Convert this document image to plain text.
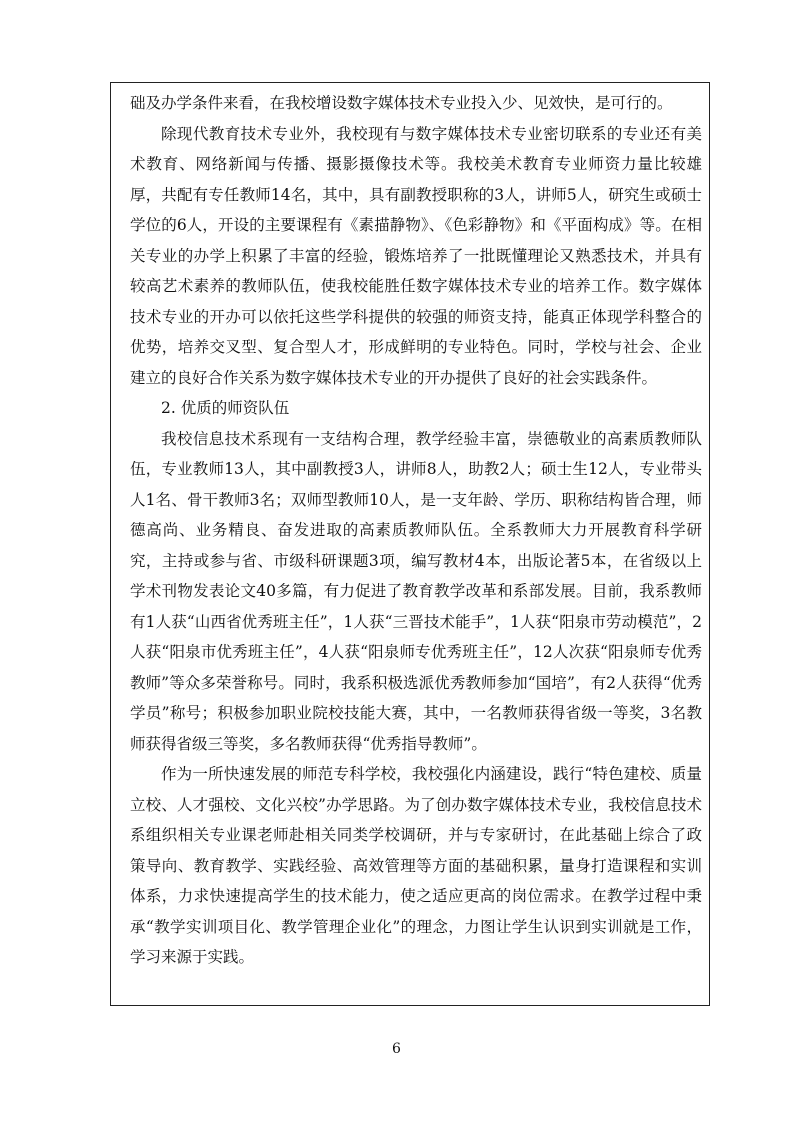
础及办学条件来看，在我校增设数字媒体技术专业投入少、见效快，是可行的。

除现代教育技术专业外，我校现有与数字媒体技术专业密切联系的专业还有美术教育、网络新闻与传播、摄影摄像技术等。我校美术教育专业师资力量比较雄厚，共配有专任教师14名，其中，具有副教授职称的3人，讲师5人，研究生或硕士学位的6人，开设的主要课程有《素描静物》、《色彩静物》和《平面构成》等。在相关专业的办学上积累了丰富的经验，锻炼培养了一批既懂理论又熟悉技术，并具有较高艺术素养的教师队伍，使我校能胜任数字媒体技术专业的培养工作。数字媒体技术专业的开办可以依托这些学科提供的较强的师资支持，能真正体现学科整合的优势，培养交叉型、复合型人才，形成鲜明的专业特色。同时，学校与社会、企业建立的良好合作关系为数字媒体技术专业的开办提供了良好的社会实践条件。

2. 优质的师资队伍

我校信息技术系现有一支结构合理，教学经验丰富，崇德敬业的高素质教师队伍，专业教师13人，其中副教授3人，讲师8人，助教2人；硕士生12人，专业带头人1名、骨干教师3名；双师型教师10人，是一支年龄、学历、职称结构皆合理，师德高尚、业务精良、奋发进取的高素质教师队伍。全系教师大力开展教育科学研究，主持或参与省、市级科研课题3项，编写教材4本，出版论著5本，在省级以上学术刊物发表论文40多篇，有力促进了教育教学改革和系部发展。目前，我系教师有1人获“山西省优秀班主任”，1人获“三晋技术能手”，1人获“阳泉市劳动模范”，2人获“阳泉市优秀班主任”，4人获“阳泉师专优秀班主任”，12人次获“阳泉师专优秀教师”等众多荣誉称号。同时，我系积极选派优秀教师参加“国培”，有2人获得“优秀学员”称号；积极参加职业院校技能大赛，其中，一名教师获得省级一等奖，3名教师获得省级三等奖，多名教师获得“优秀指导教师”。

作为一所快速发展的师范专科学校，我校强化内涵建设，践行“特色建校、质量立校、人才强校、文化兴校”办学思路。为了创办数字媒体技术专业，我校信息技术系组织相关专业课老师赴相关同类学校调研，并与专家研讨，在此基础上综合了政策导向、教育教学、实践经验、高效管理等方面的基础积累，量身打造课程和实训体系，力求快速提高学生的技术能力，使之适应更高的岗位需求。在教学过程中秉承“教学实训项目化、教学管理企业化”的理念，力图让学生认识到实训就是工作，学习来源于实践。

6
